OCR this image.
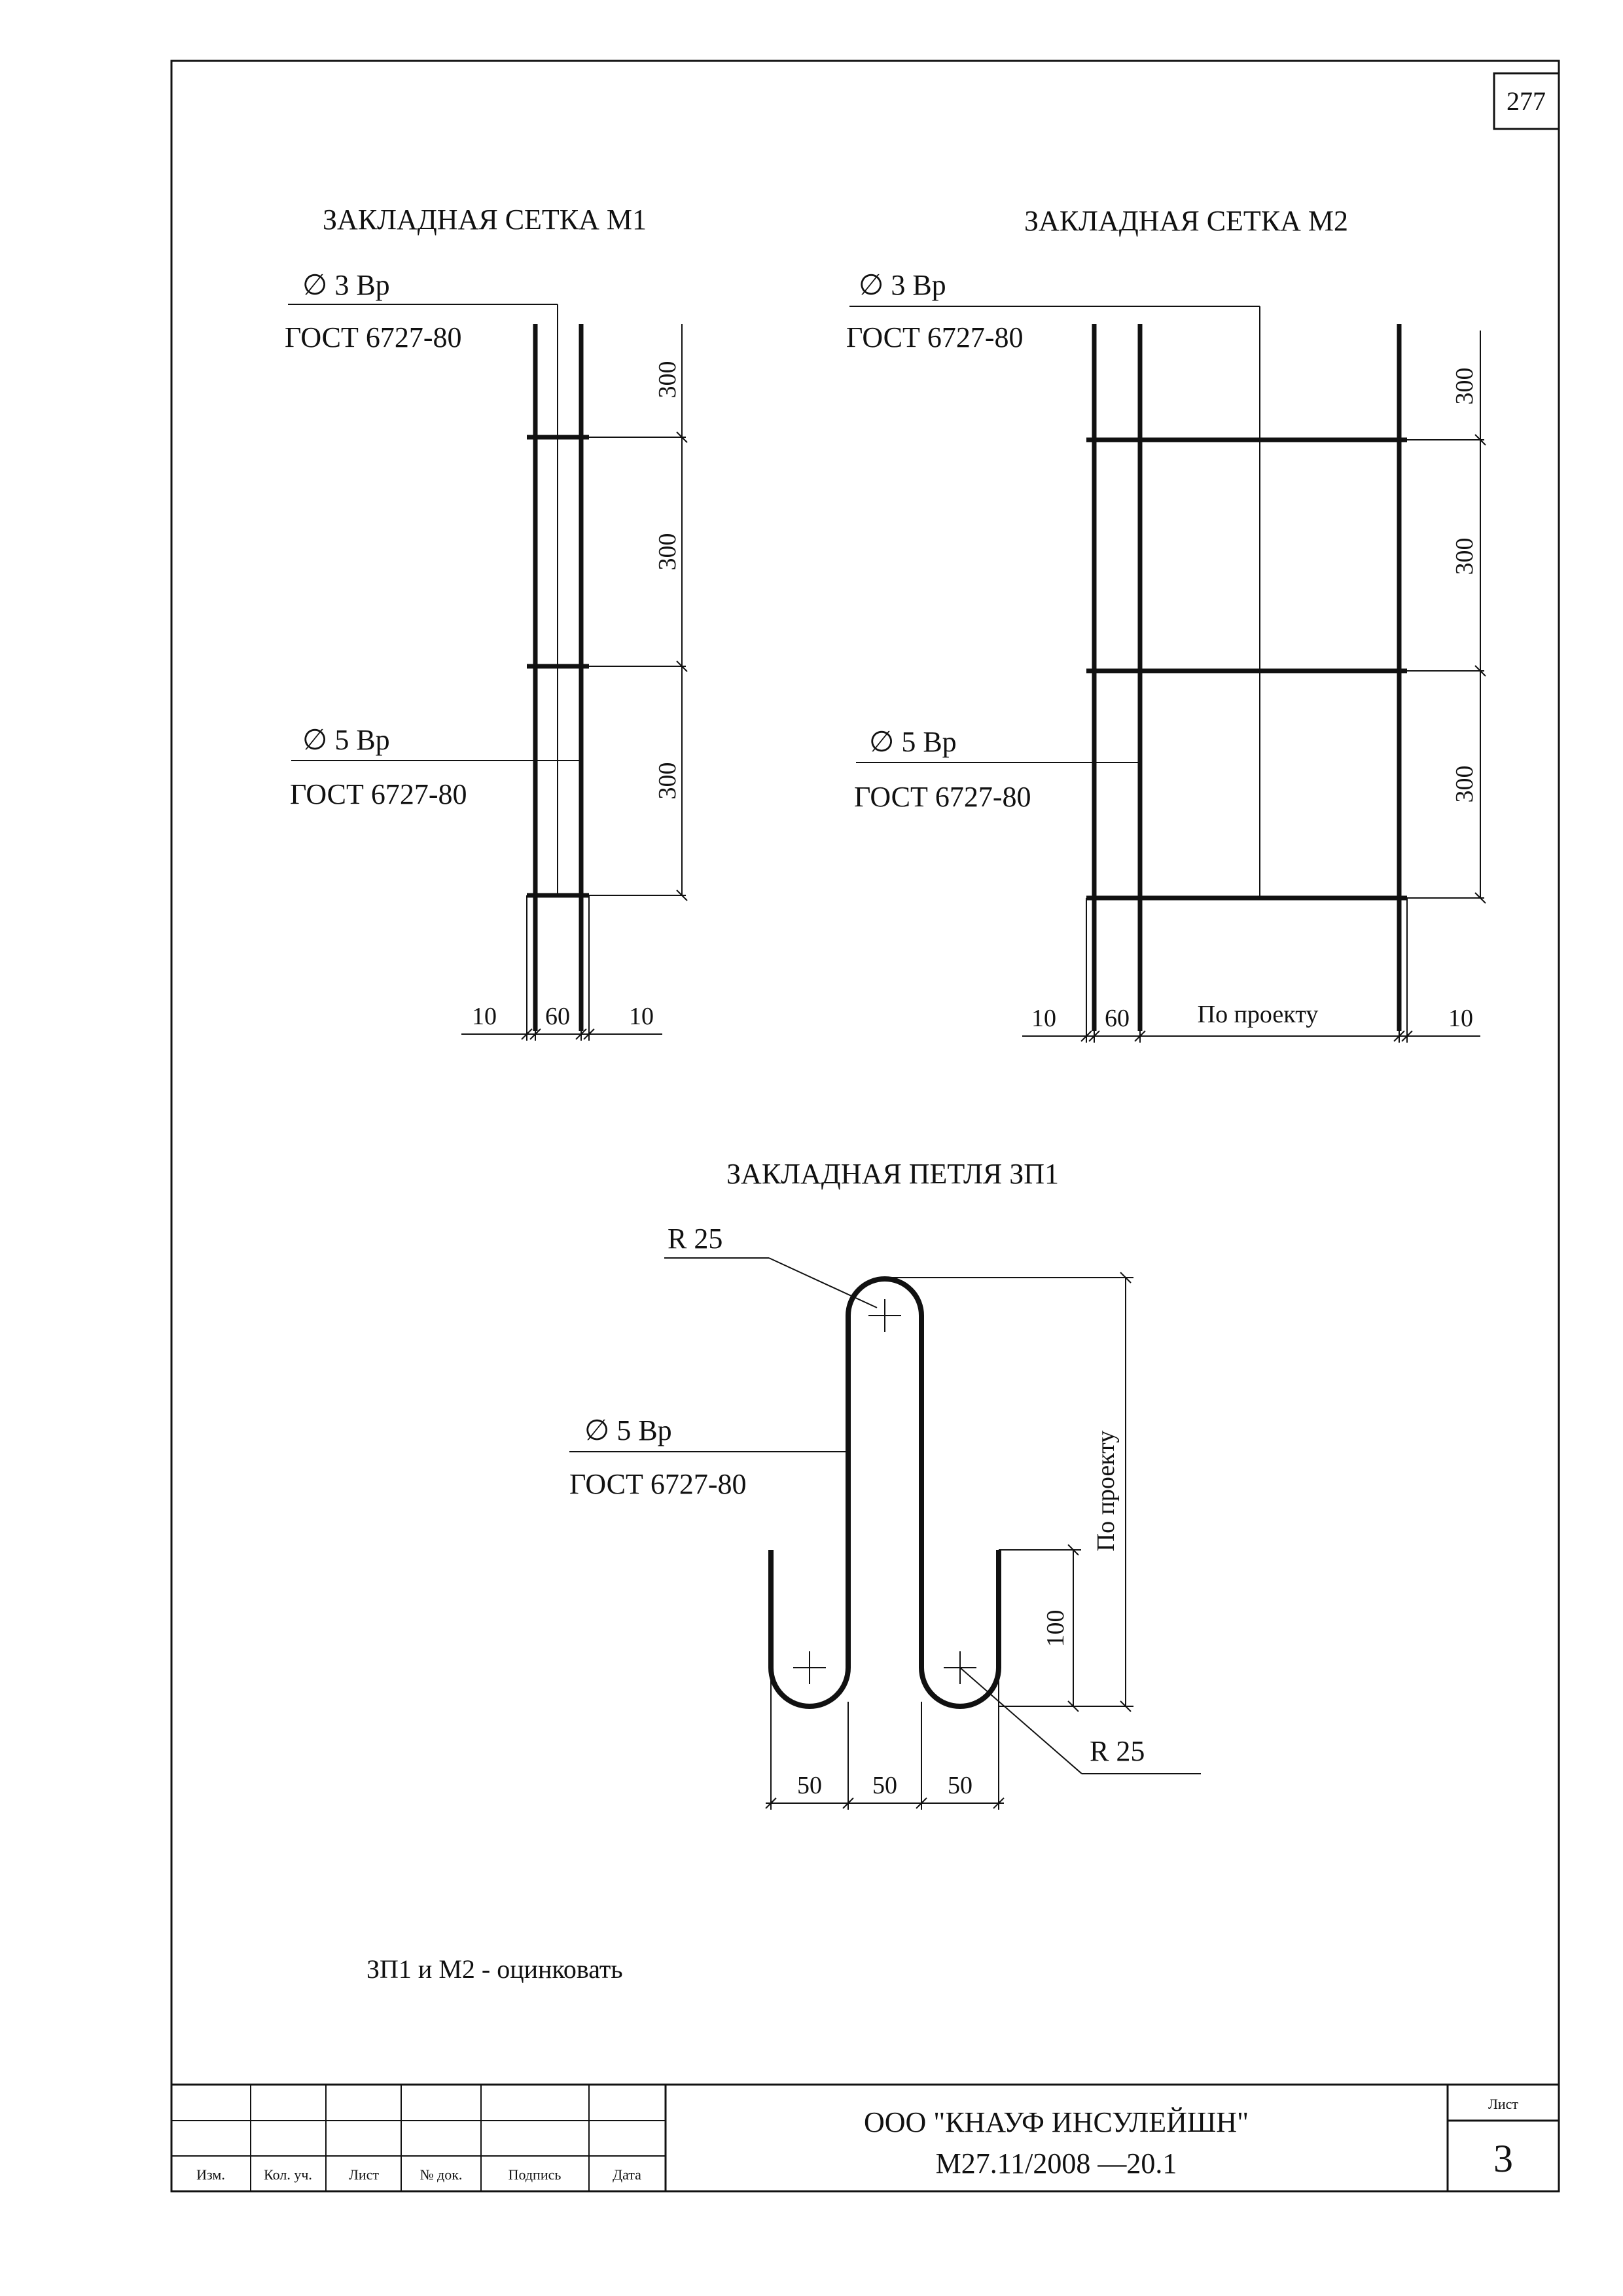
277
ЗАКЛАДНАЯ СЕТКА М1
∅ 3 Вр
ГОСТ 6727-80
∅ 5 Вр
ГОСТ 6727-80
300
300
300
10 60 10
ЗАКЛАДНАЯ СЕТКА М2
∅ 3 Вр
ГОСТ 6727-80
∅ 5 Вр
ГОСТ 6727-80
300
300
300
10 60	По проекту	10
ЗАКЛАДНАЯ ПЕТЛЯ ЗП1
R 25
∅ 5 Вр
ГОСТ 6727-80
R 25
По проекту
100
50 50 50
ЗП1 и М2 - оцинковать
Изм.	Кол. уч.	Лист	№ док.	Подпись	Дата
ООО "КНАУФ ИНСУЛЕЙШН"
М27.11/2008 —20.1
Лист
3
